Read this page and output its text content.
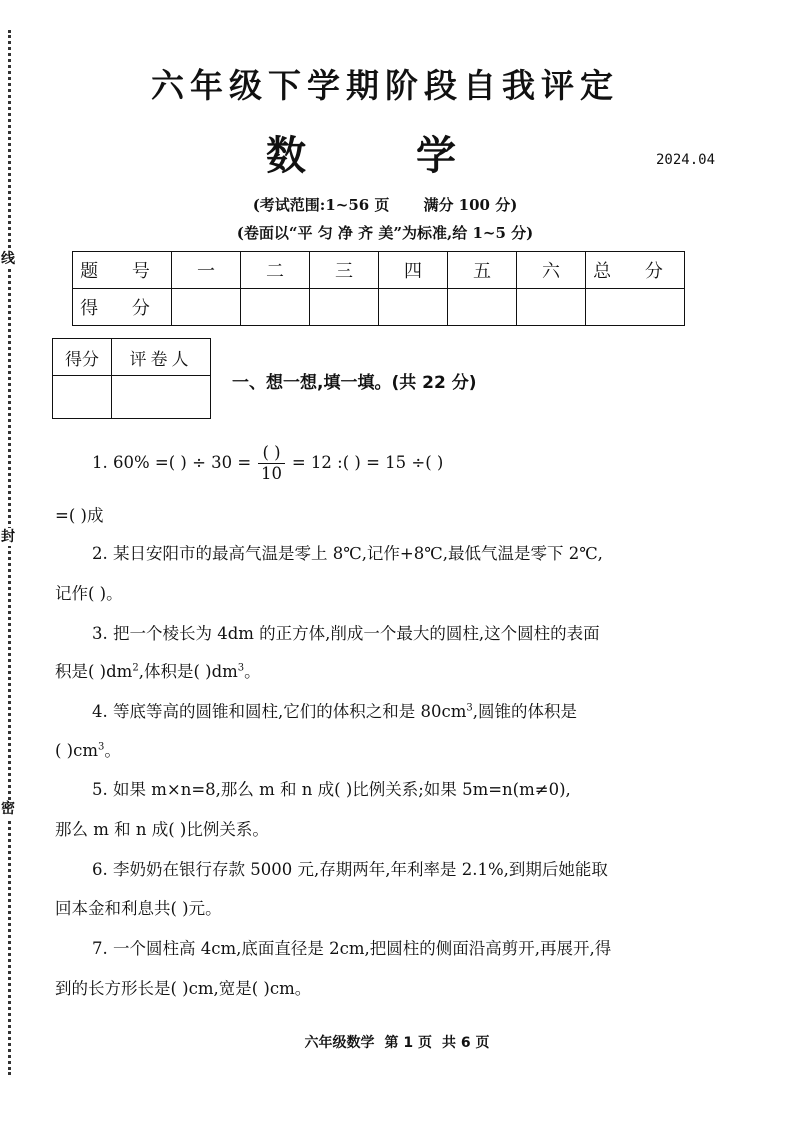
线
封
密
六年级下学期阶段自我评定
数 学	2024.04
(考试范围:1~56 页 满分 100 分)
(卷面以“平 匀 净 齐 美”为标准,给 1~5 分)
题 号	一	二	三	四	五	六	总 分
得 分							
得分	评卷人

一、想一想,填一填。(共 22 分)
1. 60% =( ) ÷ $30 = \frac{( )}{10} = 12$ :( ) = 15 ÷( )
=( )成
2. 某日安阳市的最高气温是零上 8℃,记作+8℃,最低气温是零下 2℃,
记作( )。
3. 把一个棱长为 4dm 的正方体,削成一个最大的圆柱,这个圆柱的表面
积是( )$dm^2$,体积是( )$dm^3$。
4. 等底等高的圆锥和圆柱,它们的体积之和是 $80cm^3$,圆锥的体积是
( )$cm^3$。
5. 如果 m×n=8,那么 m 和 n 成( )比例关系;如果 5m=n(m≠0),
那么 m 和 n 成( )比例关系。
6. 李奶奶在银行存款 5000 元,存期两年,年利率是 2.1%,到期后她能取
回本金和利息共( )元。
7. 一个圆柱高 4cm,底面直径是 2cm,把圆柱的侧面沿高剪开,再展开,得
到的长方形长是( )cm,宽是( )cm。
六年级数学 第 1 页 共 6 页
